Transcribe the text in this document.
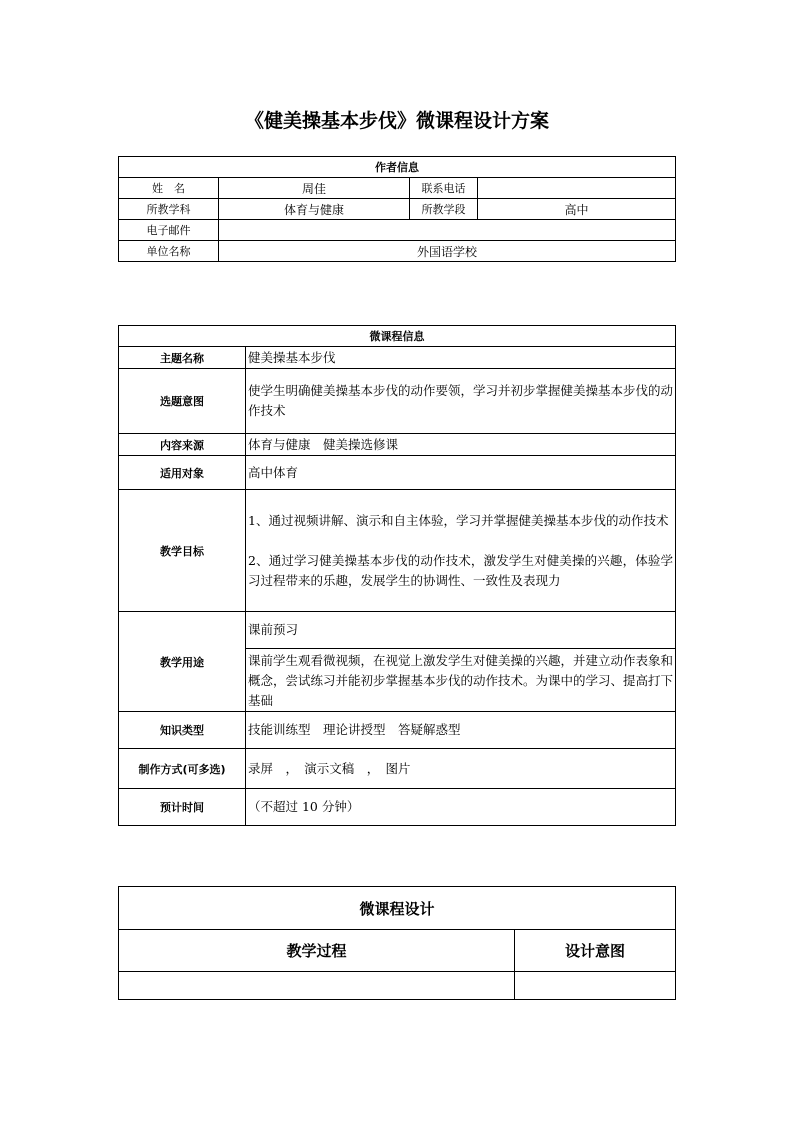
《健美操基本步伐》微课程设计方案
作者信息			
姓　名	周佳	联系电话	
所教学科	体育与健康	所教学段	高中
电子邮件			
单位名称	外国语学校		
微课程信息	
主题名称	健美操基本步伐
选题意图	使学生明确健美操基本步伐的动作要领，学习并初步掌握健美操基本步伐的动作技术
内容来源	体育与健康　健美操选修课
适用对象	高中体育
教学目标	1、通过视频讲解、演示和自主体验，学习并掌握健美操基本步伐的动作技术

2、通过学习健美操基本步伐的动作技术，激发学生对健美操的兴趣，体验学习过程带来的乐趣，发展学生的协调性、一致性及表现力

教学用途	课前预习

课前学生观看微视频，在视觉上激发学生对健美操的兴趣，并建立动作表象和概念，尝试练习并能初步掌握基本步伐的动作技术。为课中的学习、提高打下基础

知识类型	技能训练型　理论讲授型　答疑解惑型
制作方式(可多选)	录屏　，　演示文稿　，　图片
预计时间	（不超过 10 分钟）
微课程设计	
教学过程	设计意图
